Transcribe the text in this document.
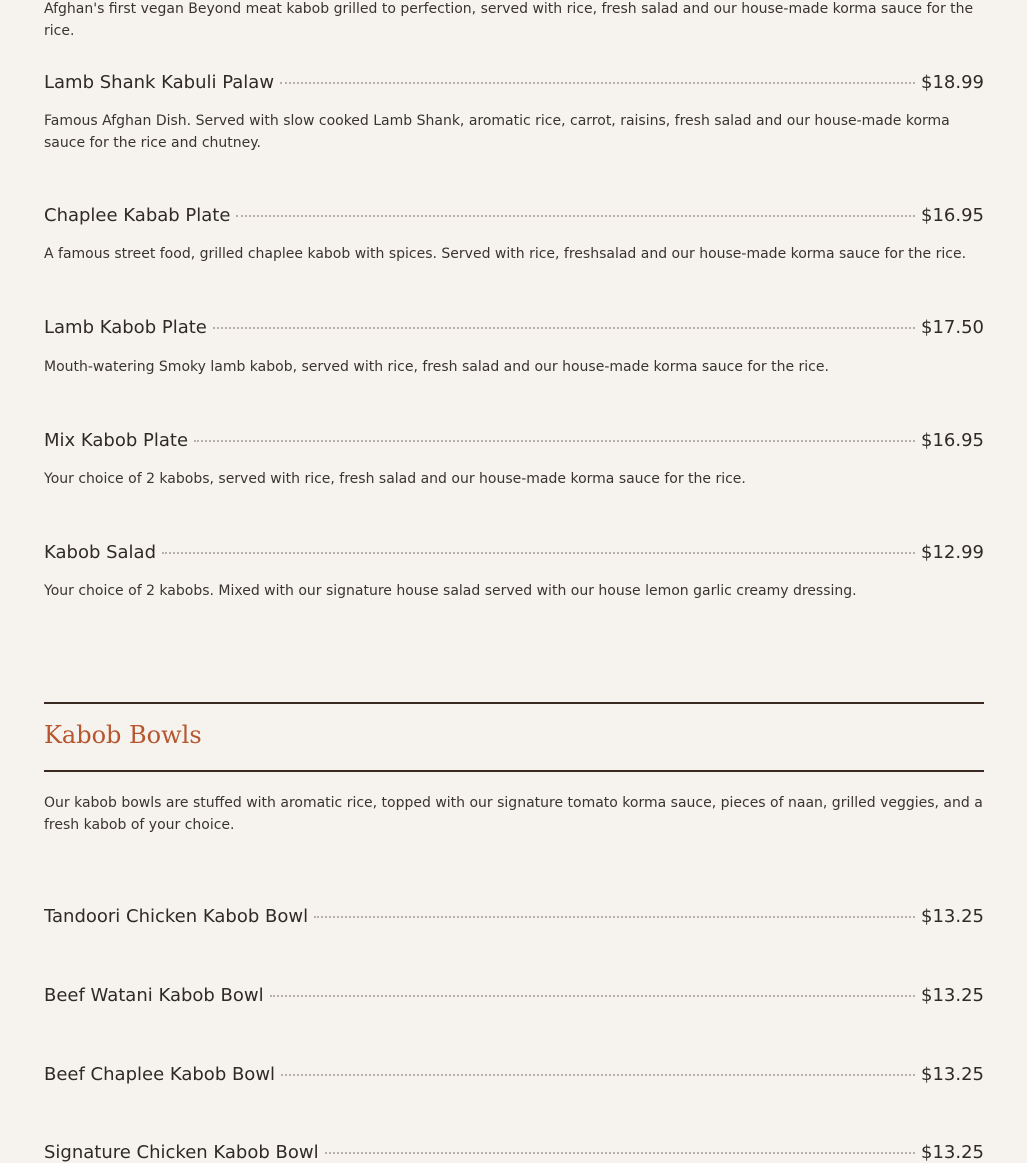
Afghan's first vegan Beyond meat kabob grilled to perfection, served with rice, fresh salad and our house-made korma sauce for the rice.

Lamb Shank Kabuli Palaw	$18.99

Famous Afghan Dish. Served with slow cooked Lamb Shank, aromatic rice, carrot, raisins, fresh salad and our house-made korma sauce for the rice and chutney.

Chaplee Kabab Plate	$16.95

A famous street food, grilled chaplee kabob with spices. Served with rice, freshsalad and our house-made korma sauce for the rice.

Lamb Kabob Plate	$17.50

Mouth-watering Smoky lamb kabob, served with rice, fresh salad and our house-made korma sauce for the rice.

Mix Kabob Plate	$16.95

Your choice of 2 kabobs, served with rice, fresh salad and our house-made korma sauce for the rice.

Kabob Salad	$12.99

Your choice of 2 kabobs. Mixed with our signature house salad served with our house lemon garlic creamy dressing.

Kabob Bowls

Our kabob bowls are stuffed with aromatic rice, topped with our signature tomato korma sauce, pieces of naan, grilled veggies, and a fresh kabob of your choice.

Tandoori Chicken Kabob Bowl	$13.25
Beef Watani Kabob Bowl	$13.25
Beef Chaplee Kabob Bowl	$13.25
Signature Chicken Kabob Bowl	$13.25
